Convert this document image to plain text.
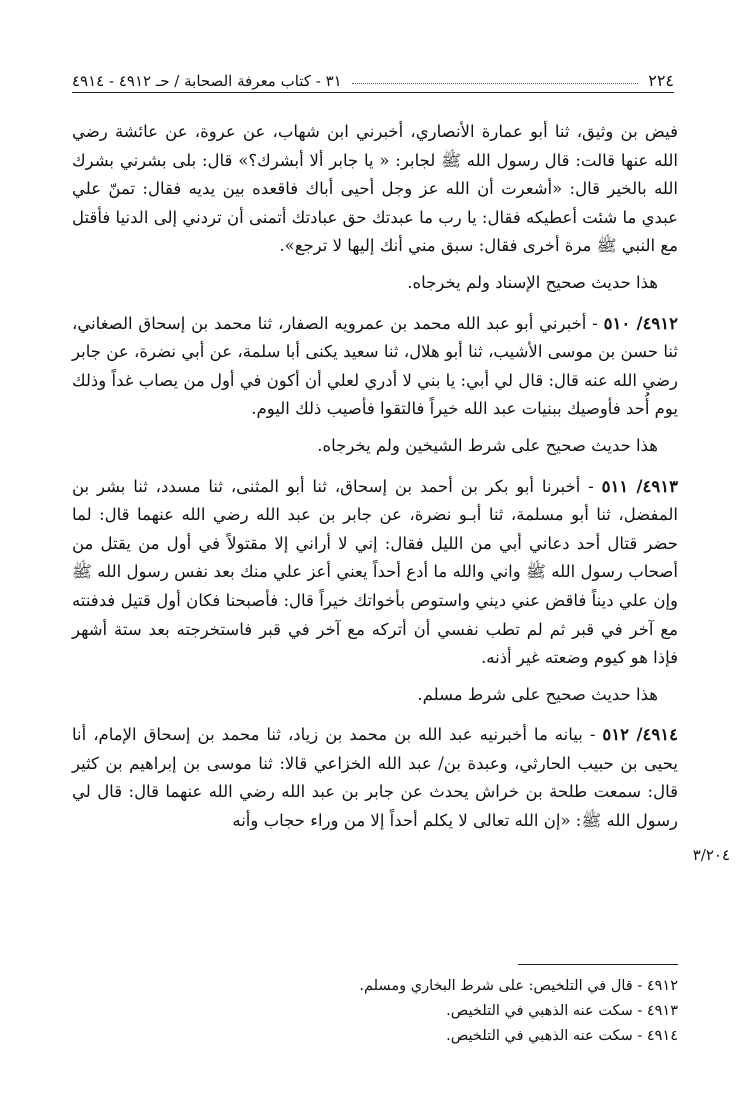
٢٢٤
٣١ - كتاب معرفة الصحابة / حـ ٤٩١٢ - ٤٩١٤

فيض بن وثيق، ثنا أبو عمارة الأنصاري، أخبرني ابن شهاب، عن عروة، عن عائشة رضي الله عنها قالت: قال رسول الله ﷺ لجابر: « يا جابر ألا أبشرك؟» قال: بلى بشرني بشرك الله بالخير قال: «أشعرت أن الله عز وجل أحيى أباك فاقعده بين يديه فقال: تمنّ علي عبدي ما شئت أعطيكه فقال: يا رب ما عبدتك حق عبادتك أتمنى أن تردني إلى الدنيا فأقتل مع النبي ﷺ مرة أخرى فقال: سبق مني أنك إليها لا ترجع».

هذا حديث صحيح الإسناد ولم يخرجاه.

٤٩١٢/ ٥١٠ - أخبرني أبو عبد الله محمد بن عمرويه الصفار، ثنا محمد بن إسحاق الصغاني، ثنا حسن بن موسى الأشيب، ثنا أبو هلال، ثنا سعيد يكنى أبا سلمة، عن أبي نضرة، عن جابر رضي الله عنه قال: قال لي أبي: يا بني لا أدري لعلي أن أكون في أول من يصاب غداً وذلك يوم أُحد فأوصيك ببنيات عبد الله خيراً فالتقوا فأصيب ذلك اليوم.

هذا حديث صحيح على شرط الشيخين ولم يخرجاه.

٤٩١٣/ ٥١١ - أخبرنا أبو بكر بن أحمد بن إسحاق، ثنا أبو المثنى، ثنا مسدد، ثنا بشر بن المفضل، ثنا أبو مسلمة، ثنا أبـو نضرة، عن جابر بن عبد الله رضي الله عنهما قال: لما حضر قتال أحد دعاني أبي من الليل فقال: إني لا أراني إلا مقتولاً في أول من يقتل من أصحاب رسول الله ﷺ واني والله ما أدع أحداً يعني أعز علي منك بعد نفس رسول الله ﷺ وإن علي ديناً فاقض عني ديني واستوص بأخواتك خيراً قال: فأصبحنا فكان أول قتيل فدفنته مع آخر في قبر ثم لم تطب نفسي أن أتركه مع آخر في قبر فاستخرجته بعد ستة أشهر فإذا هو كيوم وضعته غير أذنه.

هذا حديث صحيح على شرط مسلم.

٤٩١٤/ ٥١٢ - بيانه ما أخبرنيه عبد الله بن محمد بن زياد، ثنا محمد بن إسحاق الإمام، أنا يحيى بن حبيب الحارثي، وعبدة بن/ عبد الله الخزاعي قالا: ثنا موسى بن إبراهيم بن كثير قال: سمعت طلحة بن خراش يحدث عن جابر بن عبد الله رضي الله عنهما قال: قال لي رسول الله ﷺ: «إن الله تعالى لا يكلم أحداً إلا من وراء حجاب وأنه

٣/٢٠٤
٤٩١٢ - قال في التلخيص: على شرط البخاري ومسلم.
٤٩١٣ - سكت عنه الذهبي في التلخيص.
٤٩١٤ - سكت عنه الذهبي في التلخيص.
